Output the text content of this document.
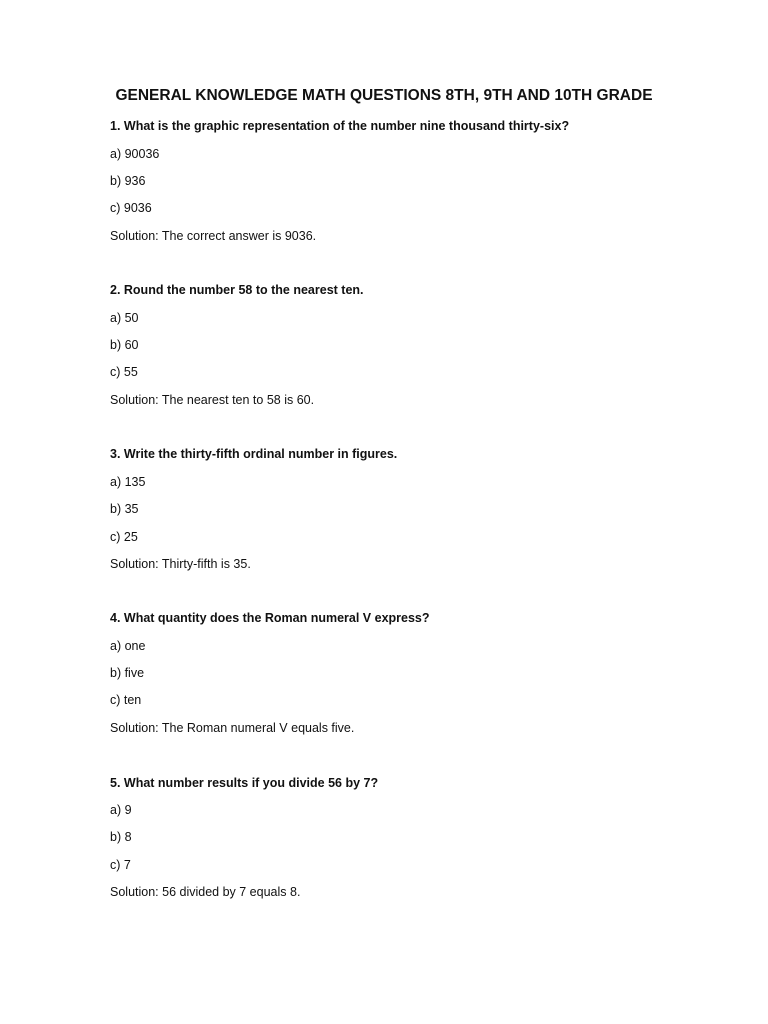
GENERAL KNOWLEDGE MATH QUESTIONS 8TH, 9TH AND 10TH GRADE
1. What is the graphic representation of the number nine thousand thirty-six?
a) 90036
b) 936
c) 9036
Solution: The correct answer is 9036.
2. Round the number 58 to the nearest ten.
a) 50
b) 60
c) 55
Solution: The nearest ten to 58 is 60.
3. Write the thirty-fifth ordinal number in figures.
a) 135
b) 35
c) 25
Solution: Thirty-fifth is 35.
4. What quantity does the Roman numeral V express?
a) one
b) five
c) ten
Solution: The Roman numeral V equals five.
5. What number results if you divide 56 by 7?
a) 9
b) 8
c) 7
Solution: 56 divided by 7 equals 8.
